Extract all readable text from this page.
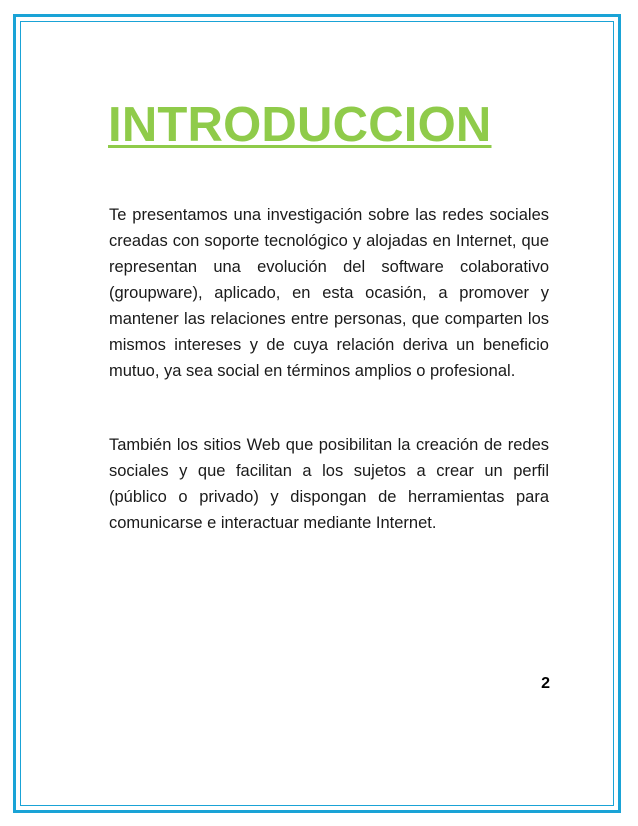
INTRODUCCION

Te presentamos una investigación sobre las redes sociales creadas con soporte tecnológico y alojadas en Internet, que representan una evolución del software colaborativo (groupware), aplicado, en esta ocasión, a promover y mantener las relaciones entre personas, que comparten los mismos intereses y de cuya relación deriva un beneficio mutuo, ya sea social en términos amplios o profesional.

También los sitios Web que posibilitan la creación de redes sociales y que facilitan a los sujetos a crear un perfil (público o privado) y dispongan de herramientas para comunicarse e interactuar mediante Internet.

2
